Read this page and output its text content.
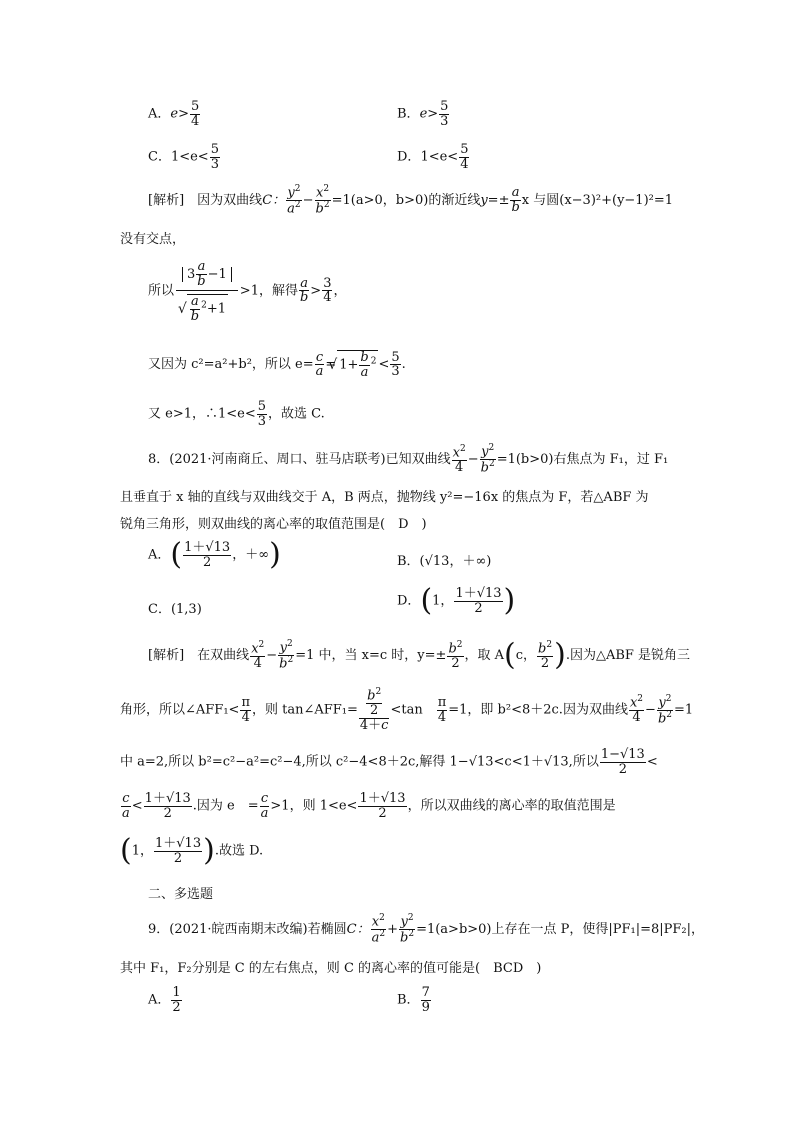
A．$e> \frac{5}{4}$	B．$e> \frac{5}{3}$
C．$1<e< \frac{5}{3}$	D．$1<e< \frac{5}{4}$
[解析]　 因为双曲线C： $\frac{y^2}{a^2} - \frac{x^2}{b^2} =1(a>0$，b>0)的渐近线$y=\pm \frac{a}{b}$ x 与圆(x−3)²+(y−1)²=1
没有交点，
所以 $3 \frac{a}{b} -1$
√ $\frac{a}{b} ^2+1 >1$，解得 $\frac{a}{b} > \frac{3}{4}$ ，
又因为 c²=a²+b²，所以 $e= \frac{c}{a}$ =√ $1+ \frac{b}{a} ^2 < \frac{5}{3}$ .
又 e>1，∴1<e< $\frac{5}{3}$ ，故选 C.
8．(2021·河南商丘、周口、驻马店联考)已知双曲线 $\frac{x^2}{4} - \frac{y^2}{b^2} =1(b>0)$右焦点为 F₁，过 F₁
且垂直于 x 轴的直线与双曲线交于 A，B 两点，抛物线 y²=−16x 的焦点为 F，若△ABF 为
锐角三角形，则双曲线的离心率的取值范围是(　D　)
A．( $\frac{1+√13}{2}$ ，＋∞)	B．(√13，＋∞)
C．(1,3)
D．(1， $\frac{1+√13}{2}$ )
[解析]　 在双曲线 $\frac{x^2}{4} - \frac{y^2}{b^2} =1$ 中，当 x=c 时，$y=\pm \frac{b^2}{2}$ ，取 A(c， $\frac{b^2}{2}$ ).因为△ABF 是锐角三
角形，所以∠AFF₁< $\frac{\pi}{4}$ ，则 tan∠AFF₁= $\frac{\frac{b^2}{2}}{4+c} <\tan$　 $\frac{\pi}{4} =1$，即 b²<8＋2c.因为双曲线 $\frac{x^2}{4} - \frac{y^2}{b^2} =1$
中 a=2,所以 b²=c²−a²=c²−4,所以 c²−4<8＋2c,解得 1−√13<c<1＋√13,所以 $\frac{1-√13}{2}$ <
$\frac{c}{a} < \frac{1+√13}{2}$ .因为 e　= $\frac{c}{a} >1$，则 $1<e< \frac{1+√13}{2}$ ，所以双曲线的离心率的取值范围是
(1， $\frac{1+√13}{2}$ ).故选 D.
二、多选题
9．(2021·皖西南期末改编)若椭圆C： $\frac{x^2}{a^2} + \frac{y^2}{b^2} =1(a>b>0)$上存在一点 P，使得|PF₁|=8|PF₂|，
其中 F₁，F₂分别是 C 的左右焦点，则 C 的离心率的值可能是(　BCD　)
A． $\frac{1}{2}$	B． $\frac{7}{9}$
